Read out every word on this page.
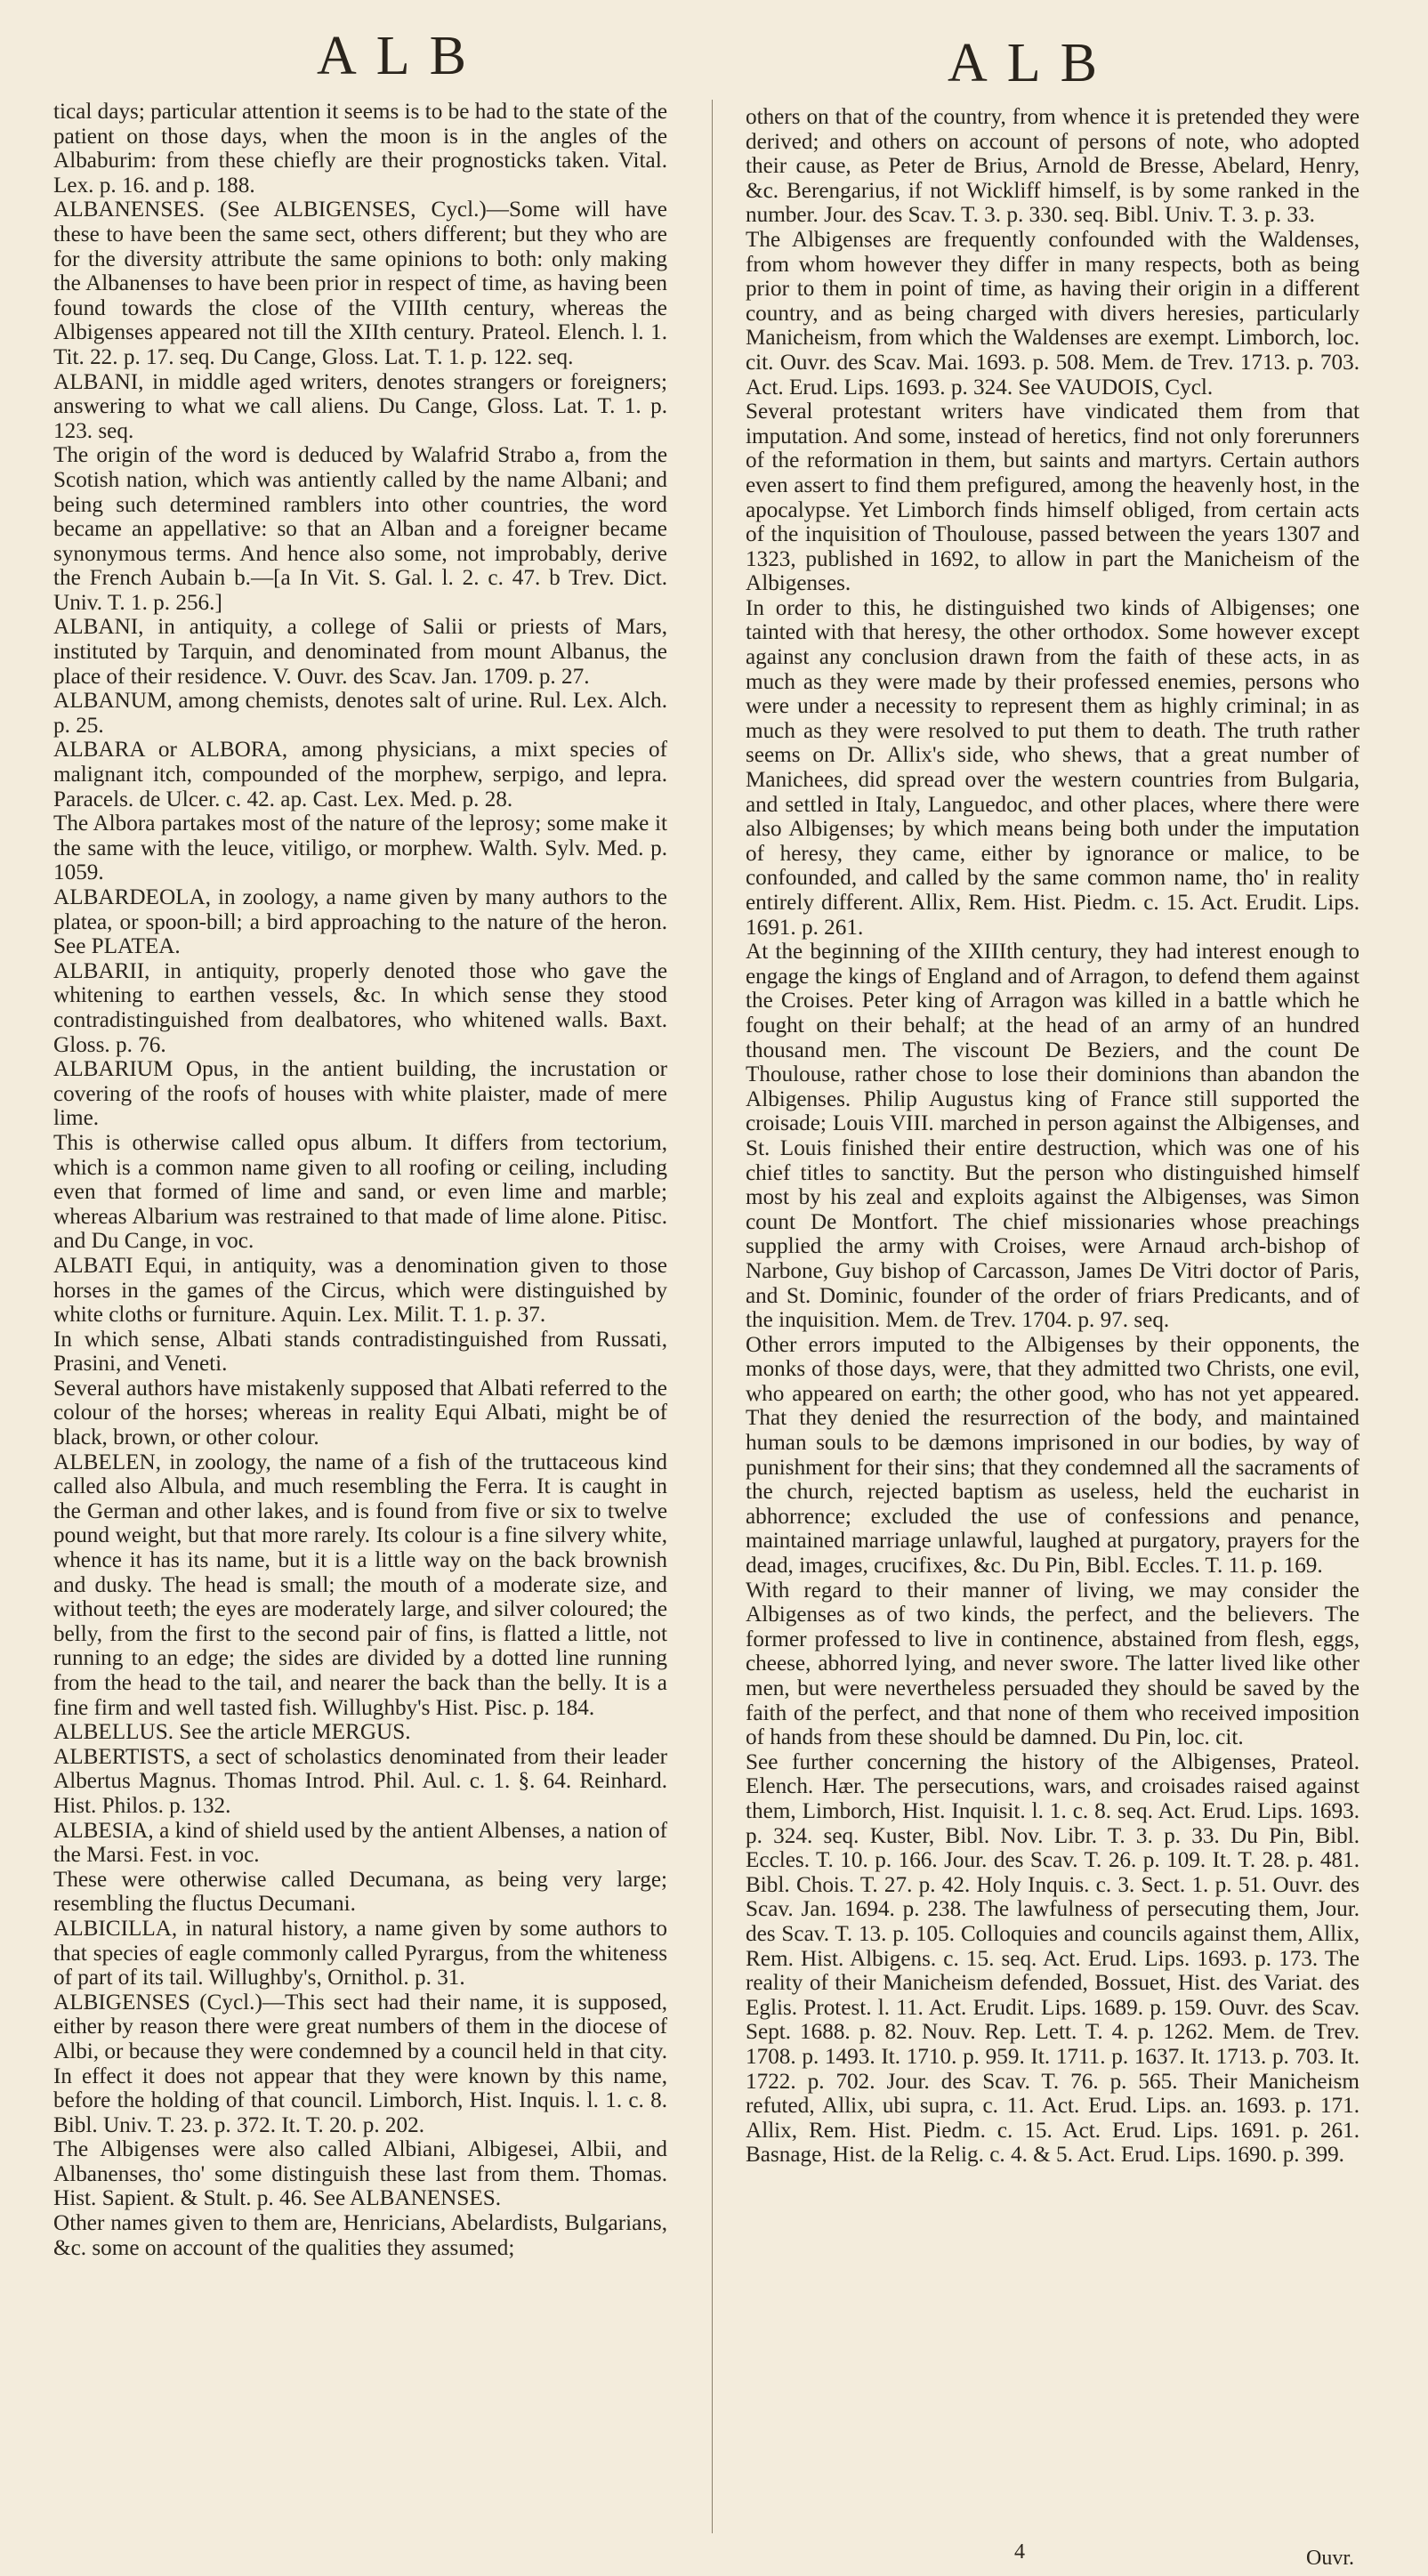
ALB	ALB

tical days; particular attention it seems is to be had to the state of the patient on those days, when the moon is in the angles of the Albaburim: from these chiefly are their prognosticks taken. Vital. Lex. p. 16. and p. 188.

ALBANENSES. (See ALBIGENSES, Cycl.)—Some will have these to have been the same sect, others different; but they who are for the diversity attribute the same opinions to both: only making the Albanenses to have been prior in respect of time, as having been found towards the close of the VIIIth century, whereas the Albigenses appeared not till the XIIth century. Prateol. Elench. l. 1. Tit. 22. p. 17. seq. Du Cange, Gloss. Lat. T. 1. p. 122. seq.

ALBANI, in middle aged writers, denotes strangers or foreigners; answering to what we call aliens. Du Cange, Gloss. Lat. T. 1. p. 123. seq.

The origin of the word is deduced by Walafrid Strabo a, from the Scotish nation, which was antiently called by the name Albani; and being such determined ramblers into other countries, the word became an appellative: so that an Alban and a foreigner became synonymous terms. And hence also some, not improbably, derive the French Aubain b.—[a In Vit. S. Gal. l. 2. c. 47. b Trev. Dict. Univ. T. 1. p. 256.]

ALBANI, in antiquity, a college of Salii or priests of Mars, instituted by Tarquin, and denominated from mount Albanus, the place of their residence. V. Ouvr. des Scav. Jan. 1709. p. 27.

ALBANUM, among chemists, denotes salt of urine. Rul. Lex. Alch. p. 25.

ALBARA or ALBORA, among physicians, a mixt species of malignant itch, compounded of the morphew, serpigo, and lepra. Paracels. de Ulcer. c. 42. ap. Cast. Lex. Med. p. 28.

The Albora partakes most of the nature of the leprosy; some make it the same with the leuce, vitiligo, or morphew. Walth. Sylv. Med. p. 1059.

ALBARDEOLA, in zoology, a name given by many authors to the platea, or spoon-bill; a bird approaching to the nature of the heron. See PLATEA.

ALBARII, in antiquity, properly denoted those who gave the whitening to earthen vessels, &c. In which sense they stood contradistinguished from dealbatores, who whitened walls. Baxt. Gloss. p. 76.

ALBARIUM Opus, in the antient building, the incrustation or covering of the roofs of houses with white plaister, made of mere lime.

This is otherwise called opus album. It differs from tectorium, which is a common name given to all roofing or ceiling, including even that formed of lime and sand, or even lime and marble; whereas Albarium was restrained to that made of lime alone. Pitisc. and Du Cange, in voc.

ALBATI Equi, in antiquity, was a denomination given to those horses in the games of the Circus, which were distinguished by white cloths or furniture. Aquin. Lex. Milit. T. 1. p. 37.

In which sense, Albati stands contradistinguished from Russati, Prasini, and Veneti.

Several authors have mistakenly supposed that Albati referred to the colour of the horses; whereas in reality Equi Albati, might be of black, brown, or other colour.

ALBELEN, in zoology, the name of a fish of the truttaceous kind called also Albula, and much resembling the Ferra. It is caught in the German and other lakes, and is found from five or six to twelve pound weight, but that more rarely. Its colour is a fine silvery white, whence it has its name, but it is a little way on the back brownish and dusky. The head is small; the mouth of a moderate size, and without teeth; the eyes are moderately large, and silver coloured; the belly, from the first to the second pair of fins, is flatted a little, not running to an edge; the sides are divided by a dotted line running from the head to the tail, and nearer the back than the belly. It is a fine firm and well tasted fish. Willughby's Hist. Pisc. p. 184.

ALBELLUS. See the article MERGUS.

ALBERTISTS, a sect of scholastics denominated from their leader Albertus Magnus. Thomas Introd. Phil. Aul. c. 1. §. 64. Reinhard. Hist. Philos. p. 132.

ALBESIA, a kind of shield used by the antient Albenses, a nation of the Marsi. Fest. in voc.

These were otherwise called Decumana, as being very large; resembling the fluctus Decumani.

ALBICILLA, in natural history, a name given by some authors to that species of eagle commonly called Pyrargus, from the whiteness of part of its tail. Willughby's, Ornithol. p. 31.

ALBIGENSES (Cycl.)—This sect had their name, it is supposed, either by reason there were great numbers of them in the diocese of Albi, or because they were condemned by a council held in that city. In effect it does not appear that they were known by this name, before the holding of that council. Limborch, Hist. Inquis. l. 1. c. 8. Bibl. Univ. T. 23. p. 372. It. T. 20. p. 202.

The Albigenses were also called Albiani, Albigesei, Albii, and Albanenses, tho' some distinguish these last from them. Thomas. Hist. Sapient. & Stult. p. 46. See ALBANENSES.

Other names given to them are, Henricians, Abelardists, Bulgarians, &c. some on account of the qualities they assumed;

others on that of the country, from whence it is pretended they were derived; and others on account of persons of note, who adopted their cause, as Peter de Brius, Arnold de Bresse, Abelard, Henry, &c. Berengarius, if not Wickliff himself, is by some ranked in the number. Jour. des Scav. T. 3. p. 330. seq. Bibl. Univ. T. 3. p. 33.

The Albigenses are frequently confounded with the Waldenses, from whom however they differ in many respects, both as being prior to them in point of time, as having their origin in a different country, and as being charged with divers heresies, particularly Manicheism, from which the Waldenses are exempt. Limborch, loc. cit. Ouvr. des Scav. Mai. 1693. p. 508. Mem. de Trev. 1713. p. 703. Act. Erud. Lips. 1693. p. 324. See VAUDOIS, Cycl.

Several protestant writers have vindicated them from that imputation. And some, instead of heretics, find not only forerunners of the reformation in them, but saints and martyrs. Certain authors even assert to find them prefigured, among the heavenly host, in the apocalypse. Yet Limborch finds himself obliged, from certain acts of the inquisition of Thoulouse, passed between the years 1307 and 1323, published in 1692, to allow in part the Manicheism of the Albigenses.

In order to this, he distinguished two kinds of Albigenses; one tainted with that heresy, the other orthodox. Some however except against any conclusion drawn from the faith of these acts, in as much as they were made by their professed enemies, persons who were under a necessity to represent them as highly criminal; in as much as they were resolved to put them to death. The truth rather seems on Dr. Allix's side, who shews, that a great number of Manichees, did spread over the western countries from Bulgaria, and settled in Italy, Languedoc, and other places, where there were also Albigenses; by which means being both under the imputation of heresy, they came, either by ignorance or malice, to be confounded, and called by the same common name, tho' in reality entirely different. Allix, Rem. Hist. Piedm. c. 15. Act. Erudit. Lips. 1691. p. 261.

At the beginning of the XIIIth century, they had interest enough to engage the kings of England and of Arragon, to defend them against the Croises. Peter king of Arragon was killed in a battle which he fought on their behalf; at the head of an army of an hundred thousand men. The viscount De Beziers, and the count De Thoulouse, rather chose to lose their dominions than abandon the Albigenses. Philip Augustus king of France still supported the croisade; Louis VIII. marched in person against the Albigenses, and St. Louis finished their entire destruction, which was one of his chief titles to sanctity. But the person who distinguished himself most by his zeal and exploits against the Albigenses, was Simon count De Montfort. The chief missionaries whose preachings supplied the army with Croises, were Arnaud arch-bishop of Narbone, Guy bishop of Carcasson, James De Vitri doctor of Paris, and St. Dominic, founder of the order of friars Predicants, and of the inquisition. Mem. de Trev. 1704. p. 97. seq.

Other errors imputed to the Albigenses by their opponents, the monks of those days, were, that they admitted two Christs, one evil, who appeared on earth; the other good, who has not yet appeared. That they denied the resurrection of the body, and maintained human souls to be dæmons imprisoned in our bodies, by way of punishment for their sins; that they condemned all the sacraments of the church, rejected baptism as useless, held the eucharist in abhorrence; excluded the use of confessions and penance, maintained marriage unlawful, laughed at purgatory, prayers for the dead, images, crucifixes, &c. Du Pin, Bibl. Eccles. T. 11. p. 169.

With regard to their manner of living, we may consider the Albigenses as of two kinds, the perfect, and the believers. The former professed to live in continence, abstained from flesh, eggs, cheese, abhorred lying, and never swore. The latter lived like other men, but were nevertheless persuaded they should be saved by the faith of the perfect, and that none of them who received imposition of hands from these should be damned. Du Pin, loc. cit.

See further concerning the history of the Albigenses, Prateol. Elench. Hær. The persecutions, wars, and croisades raised against them, Limborch, Hist. Inquisit. l. 1. c. 8. seq. Act. Erud. Lips. 1693. p. 324. seq. Kuster, Bibl. Nov. Libr. T. 3. p. 33. Du Pin, Bibl. Eccles. T. 10. p. 166. Jour. des Scav. T. 26. p. 109. It. T. 28. p. 481. Bibl. Chois. T. 27. p. 42. Holy Inquis. c. 3. Sect. 1. p. 51. Ouvr. des Scav. Jan. 1694. p. 238. The lawfulness of persecuting them, Jour. des Scav. T. 13. p. 105. Colloquies and councils against them, Allix, Rem. Hist. Albigens. c. 15. seq. Act. Erud. Lips. 1693. p. 173. The reality of their Manicheism defended, Bossuet, Hist. des Variat. des Eglis. Protest. l. 11. Act. Erudit. Lips. 1689. p. 159. Ouvr. des Scav. Sept. 1688. p. 82. Nouv. Rep. Lett. T. 4. p. 1262. Mem. de Trev. 1708. p. 1493. It. 1710. p. 959. It. 1711. p. 1637. It. 1713. p. 703. It. 1722. p. 702. Jour. des Scav. T. 76. p. 565. Their Manicheism refuted, Allix, ubi supra, c. 11. Act. Erud. Lips. an. 1693. p. 171. Allix, Rem. Hist. Piedm. c. 15. Act. Erud. Lips. 1691. p. 261. Basnage, Hist. de la Relig. c. 4. & 5. Act. Erud. Lips. 1690. p. 399.

4	Ouvr.
